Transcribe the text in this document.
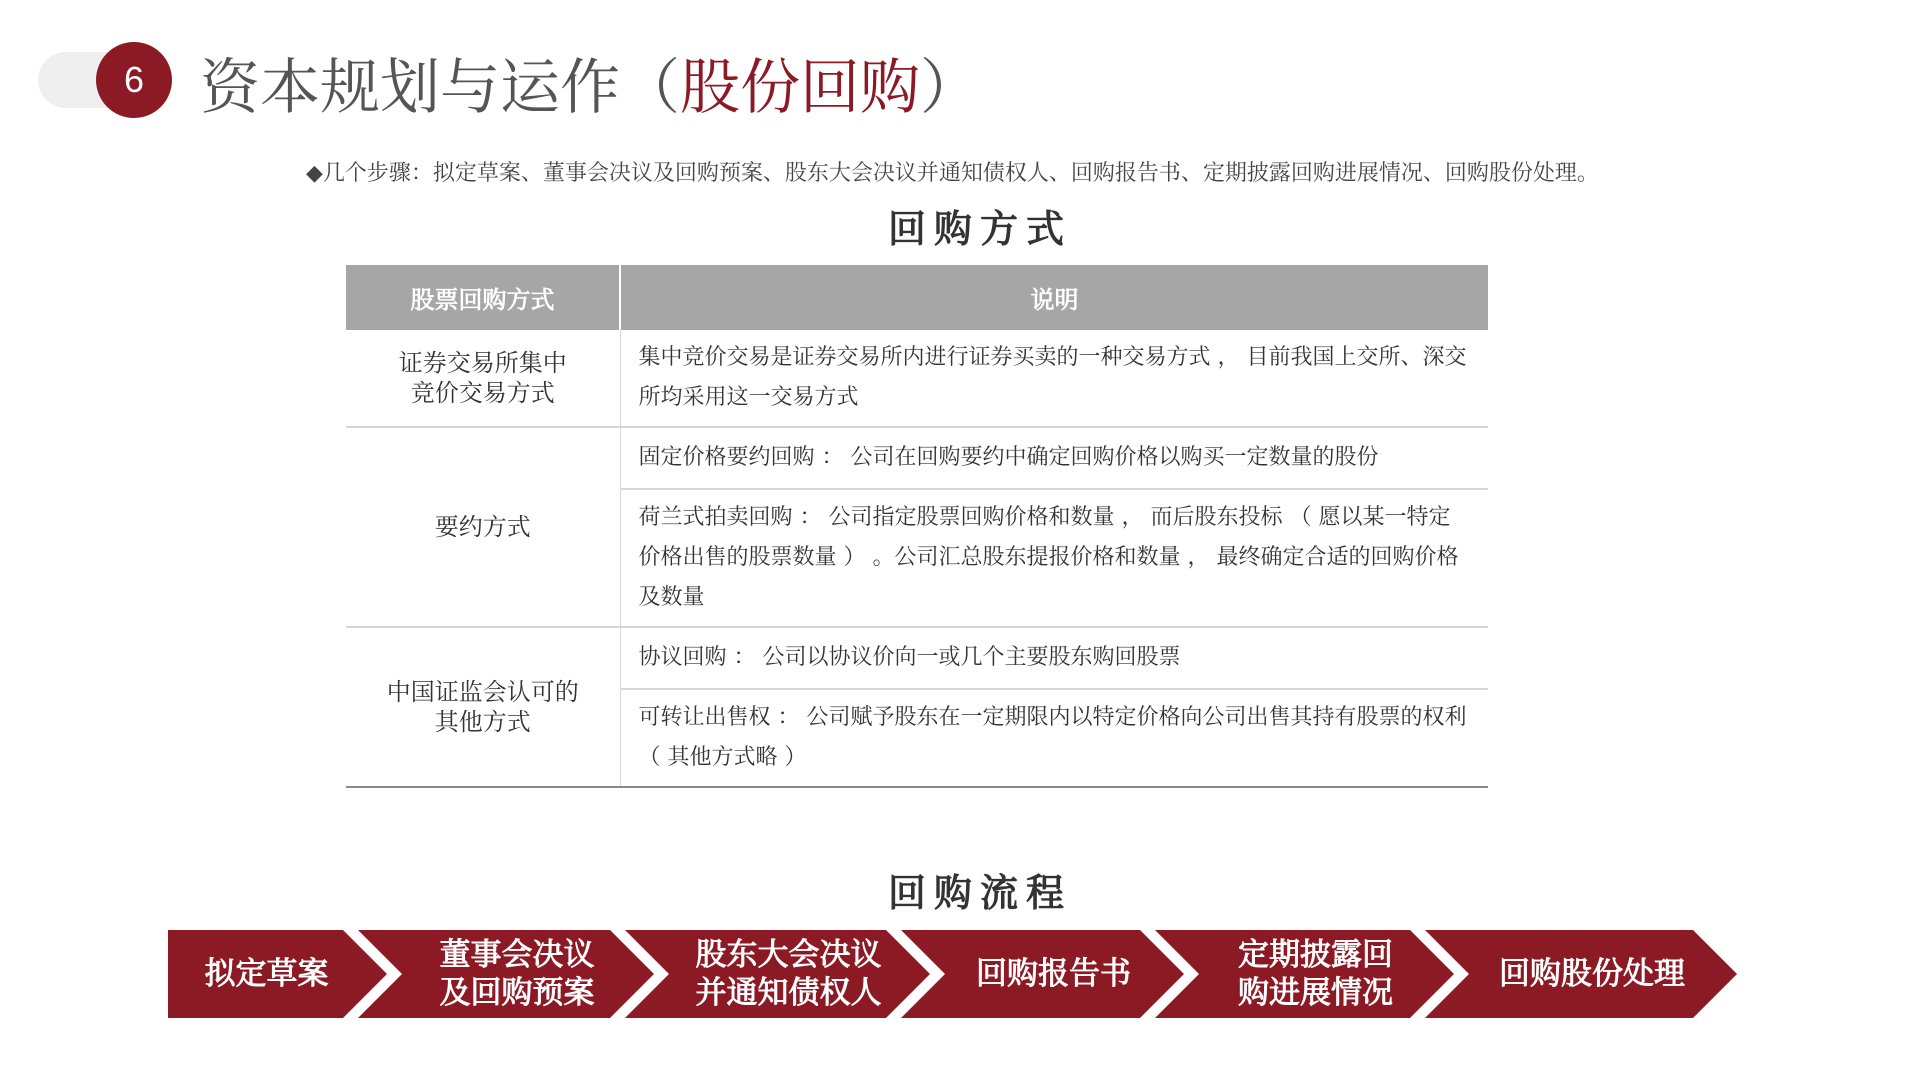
6 资本规划与运作（股份回购）
◆几个步骤：拟定草案、董事会决议及回购预案、股东大会决议并通知债权人、回购报告书、定期披露回购进展情况、回购股份处理。
回购方式
股票回购方式	说明

证券交易所集中
竞价交易方式	集中竞价交易是证券交易所内进行证券买卖的一种交易方式 ， 目前我国上交所、深交所均采用这一交易方式

要约方式	固定价格要约回购 ： 公司在回购要约中确定回购价格以购买一定数量的股份
	荷兰式拍卖回购 ： 公司指定股票回购价格和数量 ， 而后股东投标 （ 愿以某一特定价格出售的股票数量 ） 。公司汇总股东提报价格和数量 ， 最终确定合适的回购价格及数量

中国证监会认可的
其他方式	协议回购 ： 公司以协议价向一或几个主要股东购回股票
	可转让出售权 ： 公司赋予股东在一定期限内以特定价格向公司出售其持有股票的权利 （ 其他方式略 ）
回购流程
拟定草案
董事会决议
及回购预案
股东大会决议
并通知债权人
回购报告书
定期披露回
购进展情况
回购股份处理
